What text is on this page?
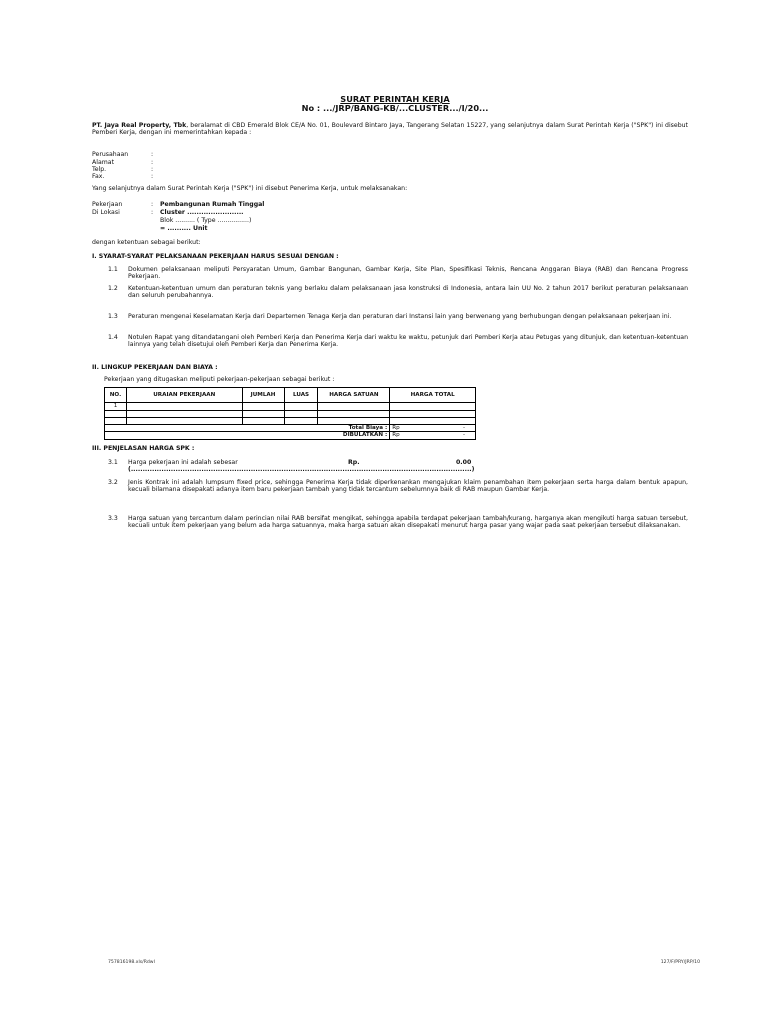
SURAT PERINTAH KERJA
No : .../JRP/BANG-KB/...CLUSTER.../I/20...
PT. Jaya Real Property, Tbk, beralamat di CBD Emerald Blok CE/A No. 01, Boulevard Bintaro Jaya, Tangerang Selatan 15227, yang selanjutnya dalam Surat Perintah Kerja ("SPK") ini disebut Pemberi Kerja, dengan ini memerintahkan kepada :
Perusahaan	:
Alamat	:
Telp.	:
Fax.	:
Yang selanjutnya dalam Surat Perintah Kerja ("SPK") ini disebut Penerima Kerja, untuk melaksanakan:
Pekerjaan	: Pembangunan Rumah Tinggal
Di Lokasi	: Cluster ........................
Blok .......... ( Type ................)
= .......... Unit
dengan ketentuan sebagai berikut:
I. SYARAT-SYARAT PELAKSANAAN PEKERJAAN HARUS SESUAI DENGAN :
1.1	Dokumen pelaksanaan meliputi Persyaratan Umum, Gambar Bangunan, Gambar Kerja, Site Plan, Spesifikasi Teknis, Rencana Anggaran Biaya (RAB) dan Rencana Progress Pekerjaan.
1.2	Ketentuan-ketentuan umum dan peraturan teknis yang berlaku dalam pelaksanaan jasa konstruksi di Indonesia, antara lain UU No. 2 tahun 2017 berikut peraturan pelaksanaan dan seluruh perubahannya.
1.3	Peraturan mengenai Keselamatan Kerja dari Departemen Tenaga Kerja dan peraturan dari Instansi lain yang berwenang yang berhubungan dengan pelaksanaan pekerjaan ini.
1.4	Notulen Rapat yang ditandatangani oleh Pemberi Kerja dan Penerima Kerja dari waktu ke waktu, petunjuk dari Pemberi Kerja atau Petugas yang ditunjuk, dan ketentuan-ketentuan lainnya yang telah disetujui oleh Pemberi Kerja dan Penerima Kerja.
II. LINGKUP PEKERJAAN DAN BIAYA :
Pekerjaan yang ditugaskan meliputi pekerjaan-pekerjaan sebagai berikut :
NO.	URAIAN PEKERJAAN	JUMLAH	LUAS	HARGA SATUAN	HARGA TOTAL
1					

Total Biaya :					Rp -

DIBULATKAN :					Rp -
III. PENJELASAN HARGA SPK :
3.1	Harga pekerjaan ini adalah sebesar	Rp.	0.00
(.................................................................................................................................................)
3.2	Jenis Kontrak ini adalah lumpsum fixed price, sehingga Penerima Kerja tidak diperkenankan mengajukan klaim penambahan item pekerjaan serta harga dalam bentuk apapun, kecuali bilamana disepakati adanya item baru pekerjaan tambah yang tidak tercantum sebelumnya baik di RAB maupun Gambar Kerja.
3.3	Harga satuan yang tercantum dalam perincian nilai RAB bersifat mengikat, sehingga apabila terdapat pekerjaan tambah/kurang, harganya akan mengikuti harga satuan tersebut, kecuali untuk item pekerjaan yang belum ada harga satuannya, maka harga satuan akan disepakati menurut harga pasar yang wajar pada saat pekerjaan tersebut dilaksanakan.
757816198.xls/Rdwl	127/F/PRY/JRP/10
